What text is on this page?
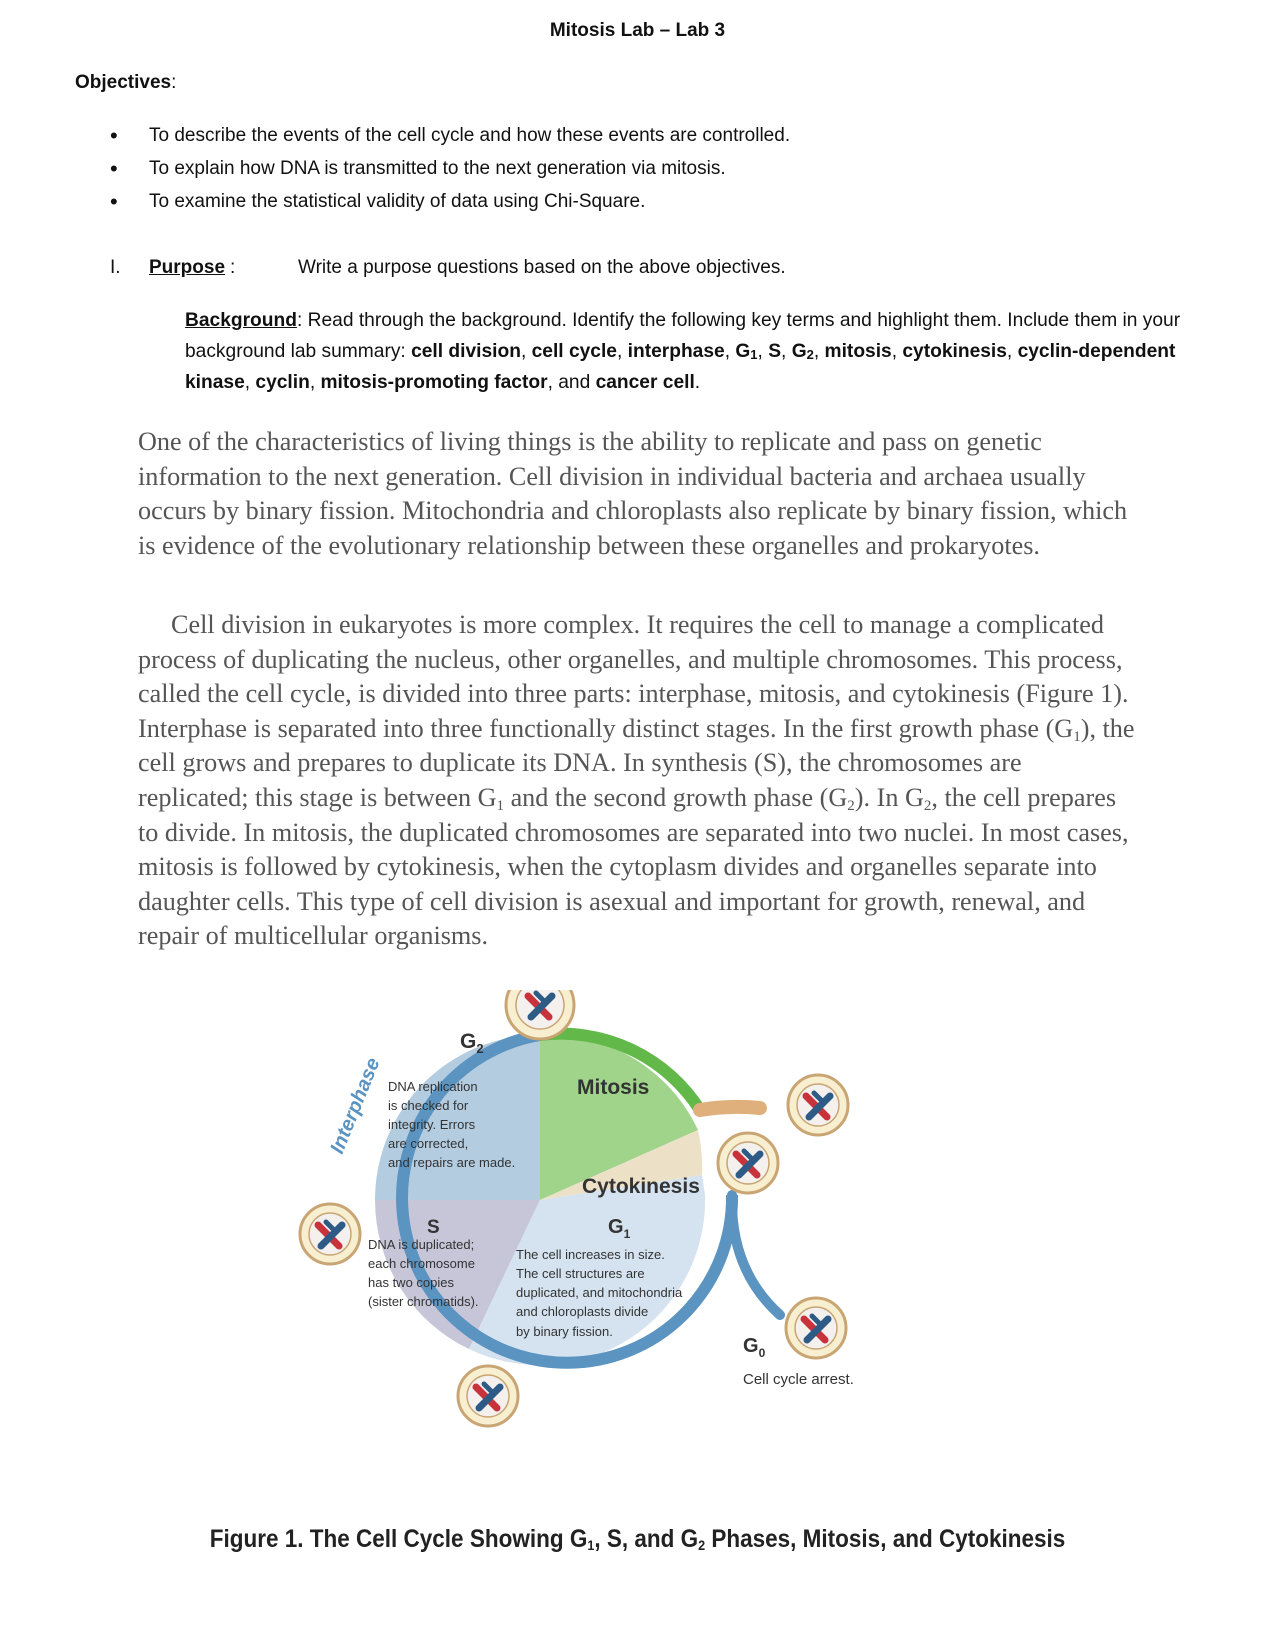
Mitosis Lab – Lab 3
Objectives:
• To describe the events of the cell cycle and how these events are controlled.
• To explain how DNA is transmitted to the next generation via mitosis.
• To examine the statistical validity of data using Chi-Square.
I. Purpose :	Write a purpose questions based on the above objectives.
Background: Read through the background. Identify the following key terms and highlight them. Include them in your background lab summary: cell division, cell cycle, interphase, $G_1$, S, $G_2$, mitosis, cytokinesis, cyclin-dependent kinase, cyclin, mitosis-promoting factor, and cancer cell.

One of the characteristics of living things is the ability to replicate and pass on genetic information to the next generation. Cell division in individual bacteria and archaea usually occurs by binary fission. Mitochondria and chloroplasts also replicate by binary fission, which is evidence of the evolutionary relationship between these organelles and prokaryotes.

Cell division in eukaryotes is more complex. It requires the cell to manage a complicated process of duplicating the nucleus, other organelles, and multiple chromosomes. This process, called the cell cycle, is divided into three parts: interphase, mitosis, and cytokinesis (Figure 1). Interphase is separated into three functionally distinct stages. In the first growth phase $(G_1)$, the cell grows and prepares to duplicate its DNA. In synthesis (S), the chromosomes are replicated; this stage is between $G_1$ and the second growth phase $(G_2)$. In $G_2$, the cell prepares to divide. In mitosis, the duplicated chromosomes are separated into two nuclei. In most cases, mitosis is followed by cytokinesis, when the cytoplasm divides and organelles separate into daughter cells. This type of cell division is asexual and important for growth, renewal, and repair of multicellular organisms.

Interphase
$G_2$
DNA replication
is checked for
integrity. Errors
are corrected,
and repairs are made.
Mitosis
Cytokinesis
S
DNA is duplicated;
each chromosome
has two copies
(sister chromatids).
$G_1$
The cell increases in size.
The cell structures are
duplicated, and mitochondria
and chloroplasts divide
by binary fission.
$G_0$
Cell cycle arrest.
Figure 1. The Cell Cycle Showing $G_1$, S, and $G_2$ Phases, Mitosis, and Cytokinesis
